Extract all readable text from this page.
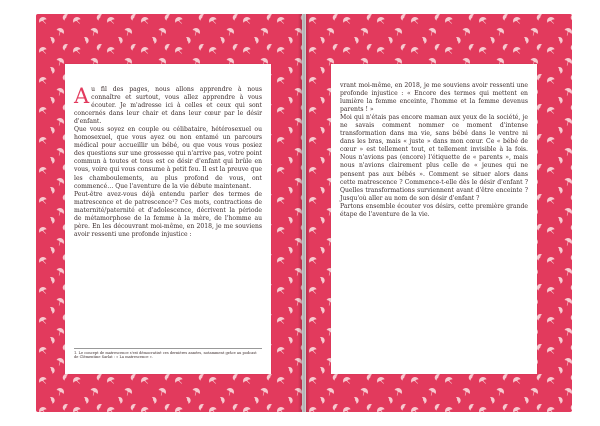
A u fil des pages, nous allons apprendre à nous connaître et surtout, vous allez apprendre à vous écouter. Je m'adresse ici à celles et ceux qui sont concernés dans leur chair et dans leur cœur par le désir d'enfant.

Que vous soyez en couple ou célibataire, hétérosexuel ou homosexuel, que vous ayez ou non entamé un parcours médical pour accueillir un bébé, ou que vous vous posiez des questions sur une grossesse qui n'arrive pas, votre point commun à toutes et tous est ce désir d'enfant qui brûle en vous, voire qui vous consume à petit feu. Il est la preuve que les chamboulements, au plus profond de vous, ont commencé… Que l'aventure de la vie débute maintenant.

Peut-être avez-vous déjà entendu parler des termes de matrescence et de patrescence¹? Ces mots, contractions de maternité/paternité et d'adolescence, décrivent la période de métamorphose de la femme à la mère, de l'homme au père. En les découvrant moi-même, en 2018, je me souviens avoir ressenti une profonde injustice :

1. Le concept de matrescence s'est démocratisé ces dernières années, notamment grâce au podcast de Clémentine Sarlat : « La matrescence ».

vrant moi-même, en 2018, je me souviens avoir ressenti une profonde injustice : « Encore des termes qui mettent en lumière la femme enceinte, l'homme et la femme devenus parents ! »

Moi qui n'étais pas encore maman aux yeux de la société, je ne savais comment nommer ce moment d'intense transformation dans ma vie, sans bébé dans le ventre ni dans les bras, mais « juste » dans mon cœur. Ce « bébé de cœur » est tellement tout, et tellement invisible à la fois. Nous n'avions pas (encore) l'étiquette de « parents », mais nous n'avions clairement plus celle de « jeunes qui ne pensent pas aux bébés ». Comment se situer alors dans cette matrescence ? Commence-t-elle dès le désir d'enfant ? Quelles transformations surviennent avant d'être enceinte ? Jusqu'où aller au nom de son désir d'enfant ?

Partons ensemble écouter vos désirs, cette première grande étape de l'aventure de la vie.
